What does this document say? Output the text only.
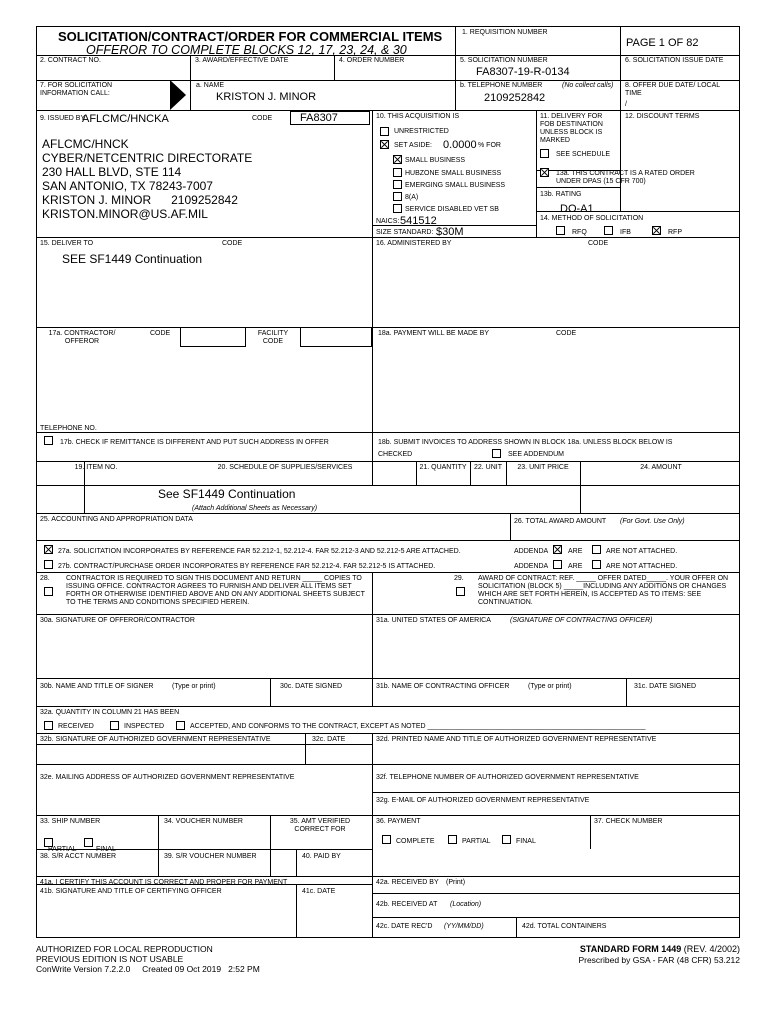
SOLICITATION/CONTRACT/ORDER FOR COMMERCIAL ITEMS
OFFEROR TO COMPLETE BLOCKS 12, 17, 23, 24, & 30
1. REQUISITION NUMBER
PAGE 1 OF 82
2. CONTRACT NO.	3. AWARD/EFFECTIVE DATE	4. ORDER NUMBER	5. SOLICITATION NUMBER
FA8307-19-R-0134
6. SOLICITATION ISSUE DATE
7. FOR SOLICITATION INFORMATION CALL:
a. NAME
KRISTON J. MINOR
b. TELEPHONE NUMBER	(No collect calls)
2109252842
8. OFFER DUE DATE/ LOCAL TIME
/
9. ISSUED BY
AFLCMC/HNCKA	CODE	FA8307
AFLCMC/HNCK
CYBER/NETCENTRIC DIRECTORATE
230 HALL BLVD, STE 114
SAN ANTONIO, TX 78243-7007
KRISTON J. MINOR      2109252842
KRISTON.MINOR@US.AF.MIL
10. THIS ACQUISITION IS
UNRESTRICTED
SET ASIDE: 0.0000 % FOR
SMALL BUSINESS
HUBZONE SMALL BUSINESS
EMERGING SMALL BUSINESS
8(A)
SERVICE DISABLED VET SB
NAICS: 541512
SIZE STANDARD: $30M
11. DELIVERY FOR FOB DESTINATION UNLESS BLOCK IS MARKED
SEE SCHEDULE
12. DISCOUNT TERMS
13a. THIS CONTRACT IS A RATED ORDER UNDER DPAS (15 CFR 700)
13b. RATING
DO-A1
14. METHOD OF SOLICITATION
RFQ	IFB	RFP
15. DELIVER TO	CODE
SEE SF1449 Continuation
16. ADMINISTERED BY	CODE
17a. CONTRACTOR/ OFFEROR
CODE	FACILITY CODE
TELEPHONE NO.
17b. CHECK IF REMITTANCE IS DIFFERENT AND PUT SUCH ADDRESS IN OFFER
18a. PAYMENT WILL BE MADE BY	CODE
18b. SUBMIT INVOICES TO ADDRESS SHOWN IN BLOCK 18a. UNLESS BLOCK BELOW IS CHECKED	SEE ADDENDUM
19. ITEM NO.	20. SCHEDULE OF SUPPLIES/SERVICES	21. QUANTITY 22. UNIT	23. UNIT PRICE	24. AMOUNT
See SF1449 Continuation
(Attach Additional Sheets as Necessary)
25. ACCOUNTING AND APPROPRIATION DATA	26. TOTAL AWARD AMOUNT (For Govt. Use Only)
27a. SOLICITATION INCORPORATES BY REFERENCE FAR 52.212-1, 52.212-4. FAR 52.212-3 AND 52.212-5 ARE ATTACHED.	ADDENDA	ARE	ARE NOT ATTACHED.
27b. CONTRACT/PURCHASE ORDER INCORPORATES BY REFERENCE FAR 52.212-4. FAR 52.212-5 IS ATTACHED.	ADDENDA	ARE	ARE NOT ATTACHED.
28. CONTRACTOR IS REQUIRED TO SIGN THIS DOCUMENT AND RETURN _____ COPIES TO ISSUING OFFICE. CONTRACTOR AGREES TO FURNISH AND DELIVER ALL ITEMS SET FORTH OR OTHERWISE IDENTIFIED ABOVE AND ON ANY ADDITIONAL SHEETS SUBJECT TO THE TERMS AND CONDITIONS SPECIFIED HEREIN.
29. AWARD OF CONTRACT: REF. _____ OFFER DATED_____. YOUR OFFER ON SOLICITATION (BLOCK 5) _____INCLUDING ANY ADDITIONS OR CHANGES WHICH ARE SET FORTH HEREIN, IS ACCEPTED AS TO ITEMS: SEE CONTINUATION.
30a. SIGNATURE OF OFFEROR/CONTRACTOR	31a. UNITED STATES OF AMERICA	(SIGNATURE OF CONTRACTING OFFICER)
30b. NAME AND TITLE OF SIGNER	(Type or print)	30c. DATE SIGNED	31b. NAME OF CONTRACTING OFFICER	(Type or print)	31c. DATE SIGNED
32a. QUANTITY IN COLUMN 21 HAS BEEN
RECEIVED	INSPECTED	ACCEPTED, AND CONFORMS TO THE CONTRACT, EXCEPT AS NOTED ________________________________________________________
32b. SIGNATURE OF AUTHORIZED GOVERNMENT REPRESENTATIVE	32c. DATE	32d. PRINTED NAME AND TITLE OF AUTHORIZED GOVERNMENT REPRESENTATIVE
32e. MAILING ADDRESS OF AUTHORIZED GOVERNMENT REPRESENTATIVE	32f. TELEPHONE NUMBER OF AUTHORIZED GOVERNMENT REPRESENTATIVE
32g. E-MAIL OF AUTHORIZED GOVERNMENT REPRESENTATIVE
33. SHIP NUMBER
PARTIAL	FINAL
34. VOUCHER NUMBER	35. AMT VERIFIED CORRECT FOR
36. PAYMENT
COMPLETE	PARTIAL	FINAL
37. CHECK NUMBER
38. S/R ACCT NUMBER	39. S/R VOUCHER NUMBER	40. PAID BY
41a. I CERTIFY THIS ACCOUNT IS CORRECT AND PROPER FOR PAYMENT
41b. SIGNATURE AND TITLE OF CERTIFYING OFFICER	41c. DATE
42a. RECEIVED BY (Print)
42b. RECEIVED AT (Location)
42c. DATE REC'D (YY/MM/DD)	42d. TOTAL CONTAINERS
AUTHORIZED FOR LOCAL REPRODUCTION
PREVIOUS EDITION IS NOT USABLE
ConWrite Version 7.2.2.0     Created 09 Oct 2019   2:52 PM
STANDARD FORM 1449 (REV. 4/2002)
Prescribed by GSA - FAR (48 CFR) 53.212
